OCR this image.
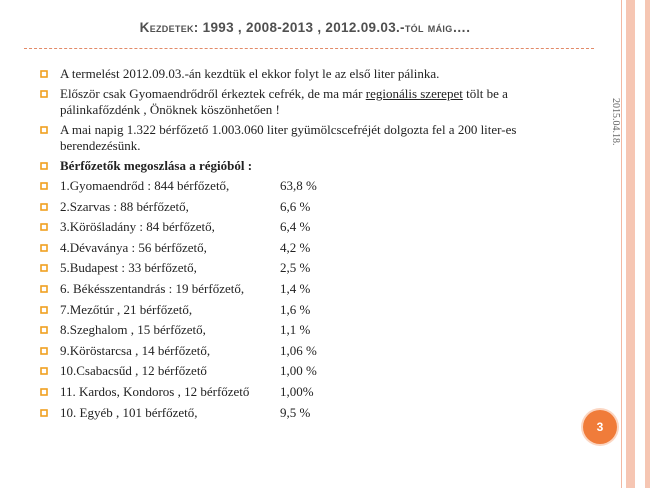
Kezdetek: 1993 , 2008-2013 , 2012.09.03.-tól máig….
2015.04.18.
A termelést 2012.09.03.-án kezdtük el ekkor folyt le az első liter pálinka.
Először csak Gyomaendrődről érkeztek cefrék, de ma már regionális szerepet tölt be a pálinkafőzdénk , Önöknek köszönhetően !
A mai napig 1.322 bérfőzető 1.003.060 liter gyümölcscefréjét dolgozta fel a 200 liter-es berendezésünk.
Bérfőzetők megoszlása a régióból :
1.Gyomaendrőd : 844 bérfőzető,	63,8 %
2.Szarvas : 88 bérfőzető,	6,6 %
3.Köröśladány : 84 bérfőzető,	6,4 %
4.Dévaványa : 56 bérfőzető,	4,2 %
5.Budapest : 33 bérfőzető,	2,5 %
6. Békésszentandrás : 19 bérfőzető,	1,4 %
7.Mezőtúr , 21 bérfőzető,	1,6 %
8.Szeghalom , 15 bérfőzető,	1,1 %
9.Köröstarcsa , 14 bérfőzető,	1,06 %
10.Csabacsűd , 12 bérfőzető	1,00 %
11. Kardos, Kondoros , 12 bérfőzető 1,00%
10. Egyéb , 101 bérfőzető,	9,5 %
3
